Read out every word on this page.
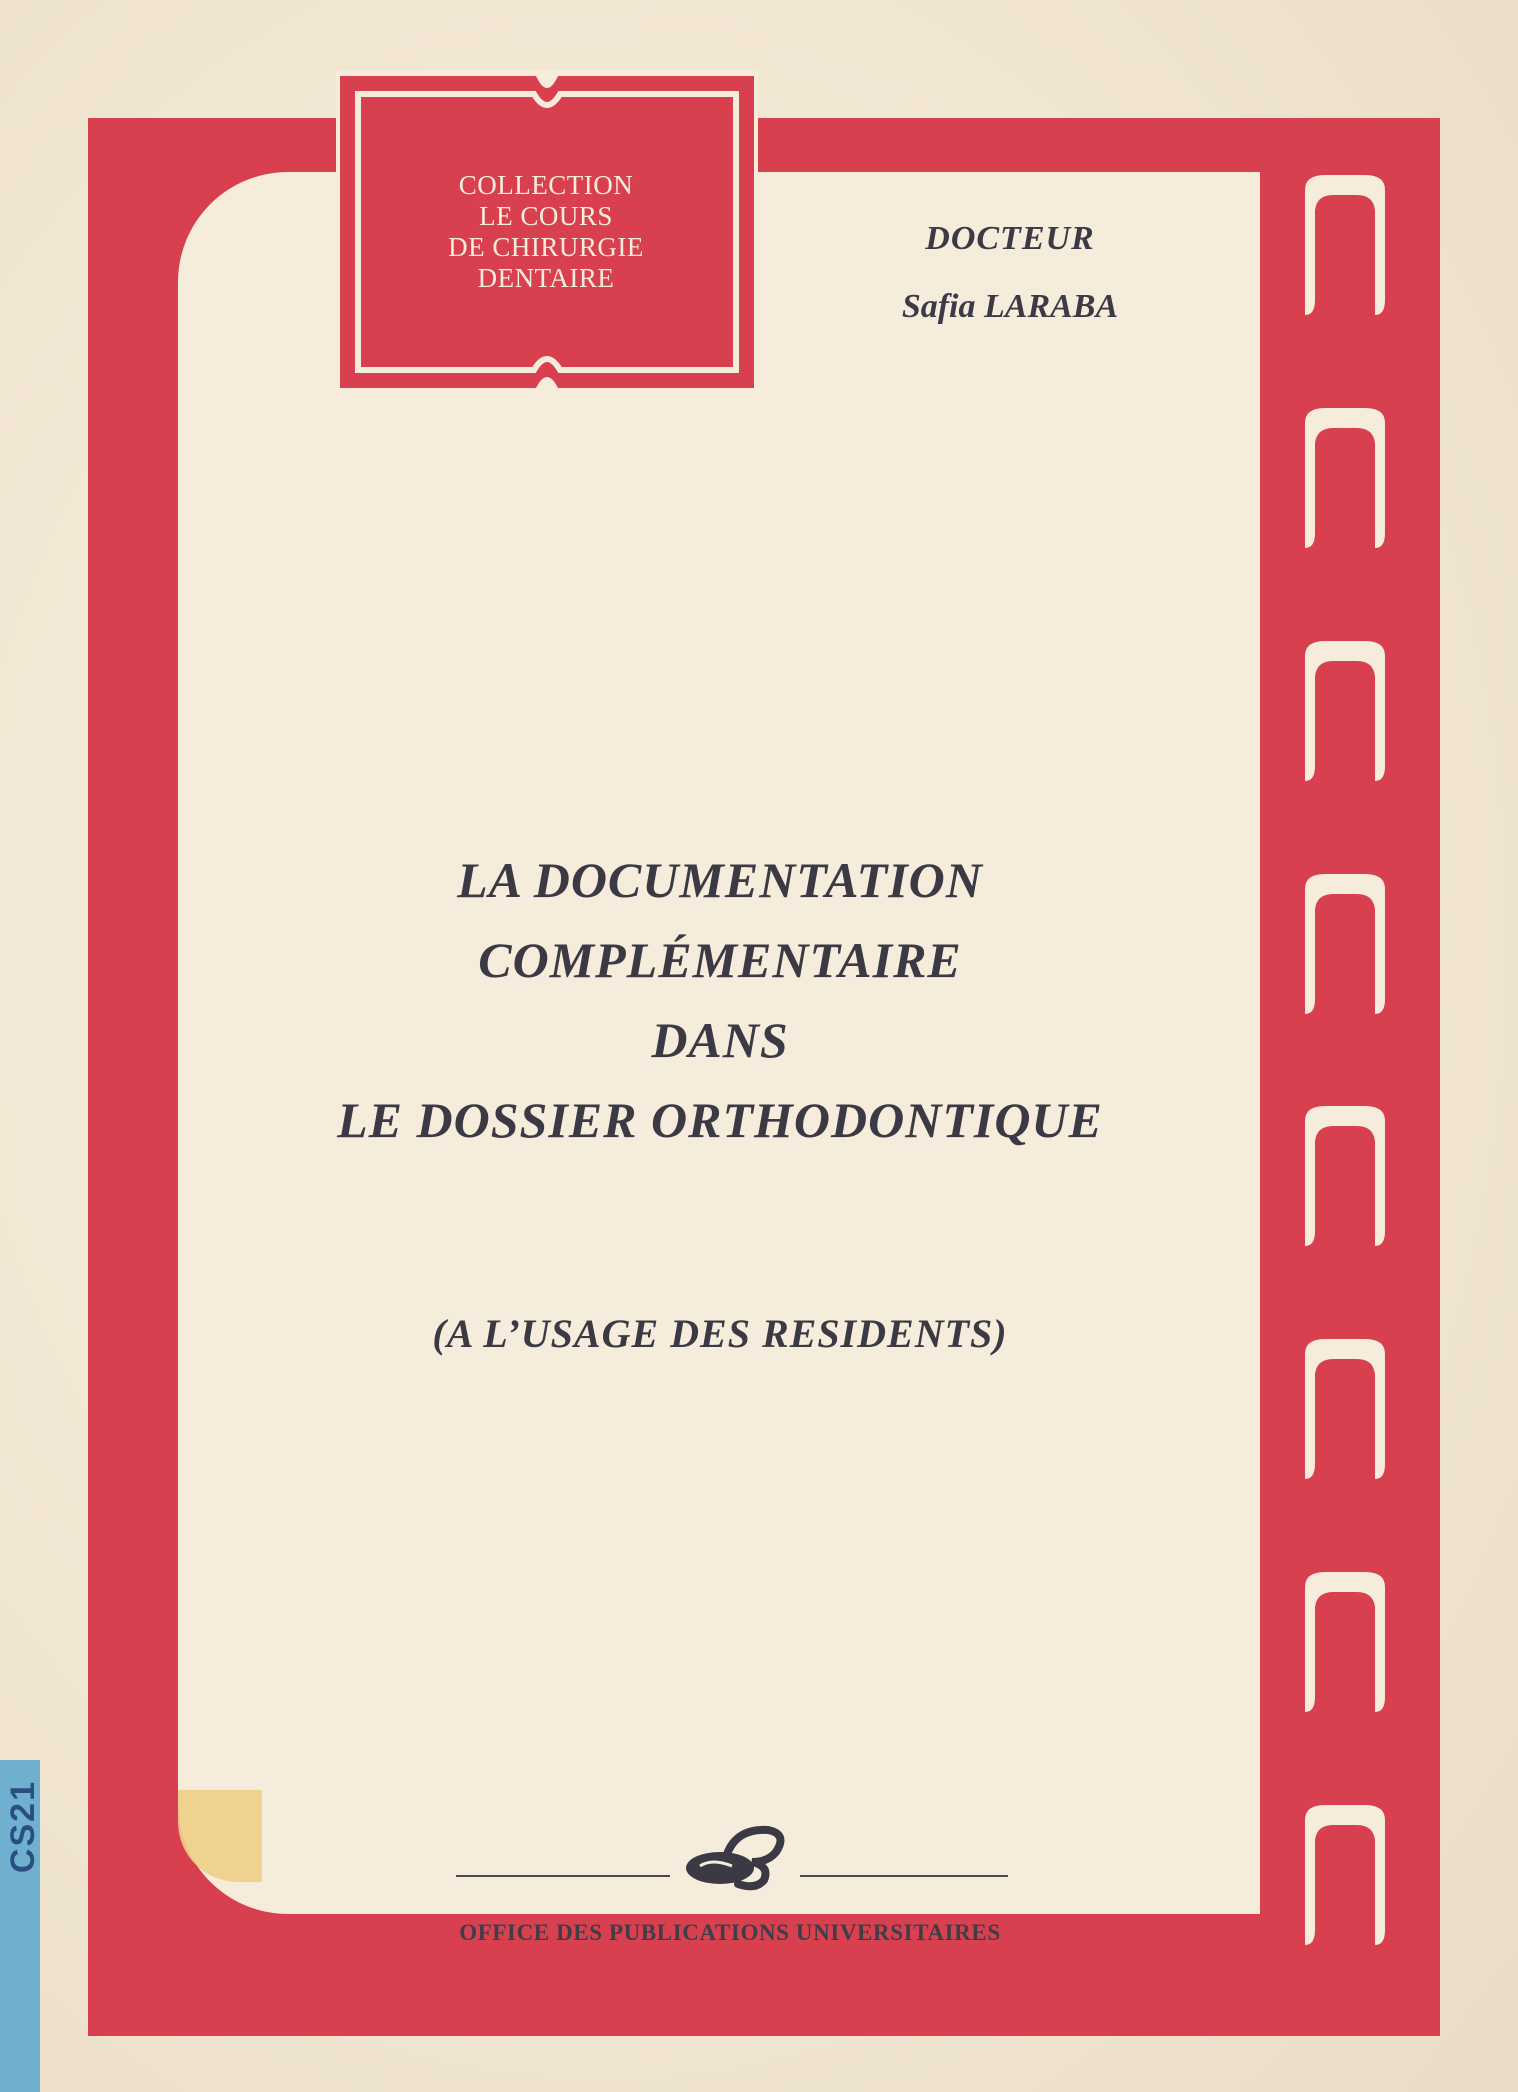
COLLECTION
LE COURS
DE CHIRURGIE
DENTAIRE
DOCTEUR
Safia LARABA
LA DOCUMENTATION
COMPLÉMENTAIRE
DANS
LE DOSSIER ORTHODONTIQUE
(A L’USAGE DES RESIDENTS)
OFFICE DES PUBLICATIONS UNIVERSITAIRES
CS21
